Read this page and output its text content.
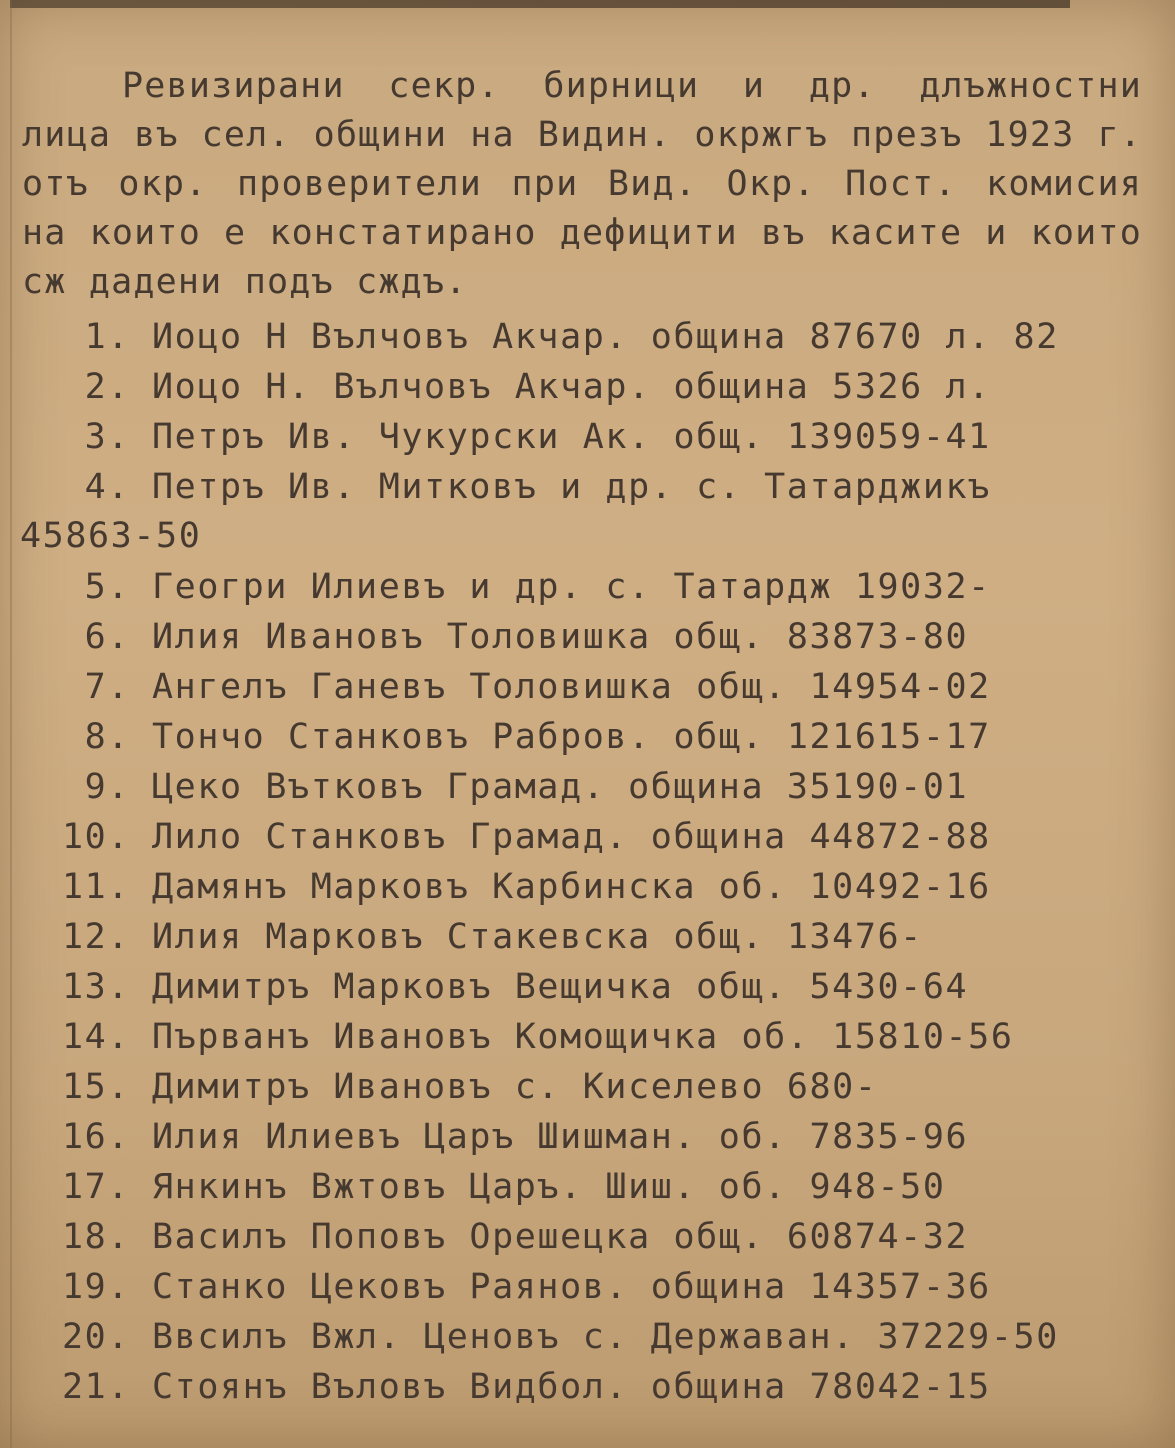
Ревизирани секр. бирници и др. длъжностни лица въ сел. общини на Видин. окржгъ презъ 1923 г. отъ окр. проверители при Вид. Окр. Пост. комисия на които е констатирано дефицити въ касите и които сж дадени подъ сждъ.

1. Иоцо Н Вълчовъ Акчар. община 87670 л. 82
2. Иоцо Н. Вълчовъ Акчар. община 5326 л.
3. Петръ Ив. Чукурски Ак. общ. 139059-41
4. Петръ Ив. Митковъ и др. с. Татарджикъ
45863-50
5. Геогри Илиевъ и др. с. Татардж 19032-
6. Илия Ивановъ Толовишка общ. 83873-80
7. Ангелъ Ганевъ Толовишка общ. 14954-02
8. Тончо Станковъ Рабров. общ. 121615-17
9. Цеко Вътковъ Грамад. община 35190-01
10. Лило Станковъ Грамад. община 44872-88
11. Дамянъ Марковъ Карбинска об. 10492-16
12. Илия Марковъ Стакевска общ. 13476-
13. Димитръ Марковъ Вещичка общ. 5430-64
14. Първанъ Ивановъ Комощичка об. 15810-56
15. Димитръ Ивановъ с. Киселево 680-
16. Илия Илиевъ Царъ Шишман. об. 7835-96
17. Янкинъ Вжтовъ Царъ. Шиш. об. 948-50
18. Василъ Поповъ Орешецка общ. 60874-32
19. Станко Цековъ Раянов. община 14357-36
20. Ввсилъ Вжл. Ценовъ с. Державан. 37229-50
21. Стоянъ Въловъ Видбол. община 78042-15
